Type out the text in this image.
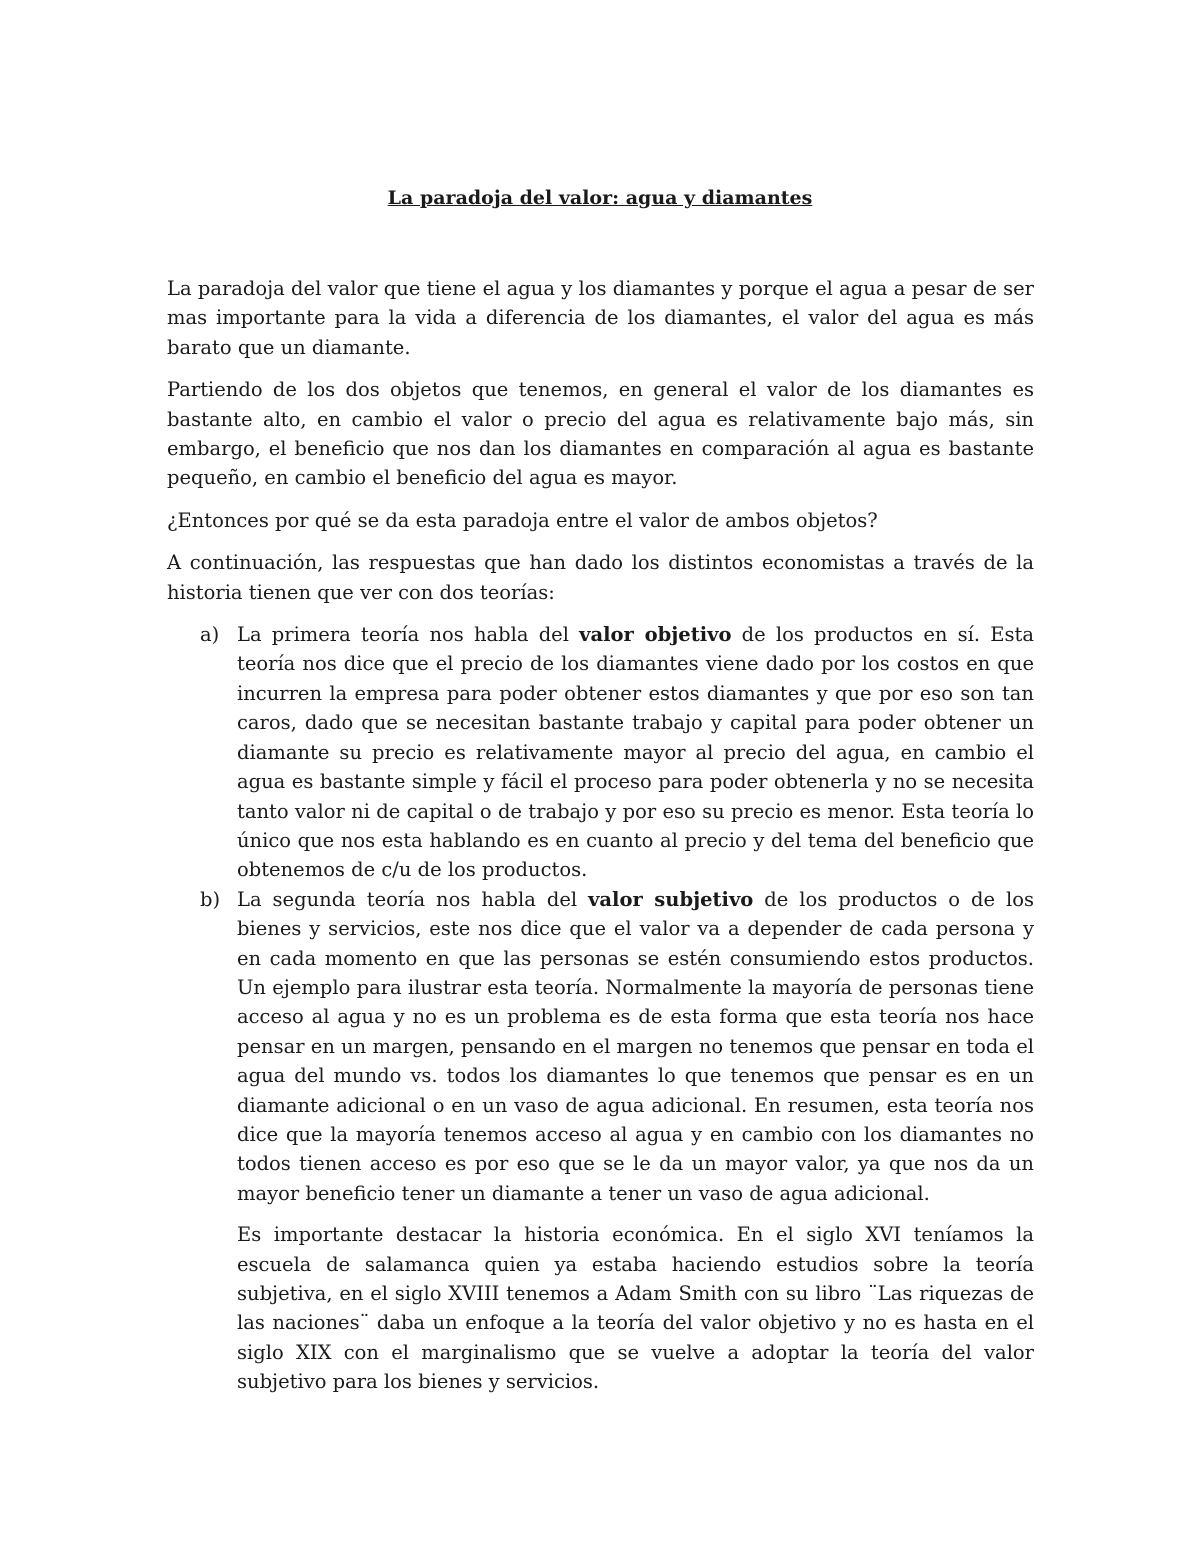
La paradoja del valor: agua y diamantes

La paradoja del valor que tiene el agua y los diamantes y porque el agua a pesar de ser mas importante para la vida a diferencia de los diamantes, el valor del agua es más barato que un diamante.

Partiendo de los dos objetos que tenemos, en general el valor de los diamantes es bastante alto, en cambio el valor o precio del agua es relativamente bajo más, sin embargo, el beneficio que nos dan los diamantes en comparación al agua es bastante pequeño, en cambio el beneficio del agua es mayor.

¿Entonces por qué se da esta paradoja entre el valor de ambos objetos?

A continuación, las respuestas que han dado los distintos economistas a través de la historia tienen que ver con dos teorías:

a) La primera teoría nos habla del valor objetivo de los productos en sí. Esta teoría nos dice que el precio de los diamantes viene dado por los costos en que incurren la empresa para poder obtener estos diamantes y que por eso son tan caros, dado que se necesitan bastante trabajo y capital para poder obtener un diamante su precio es relativamente mayor al precio del agua, en cambio el agua es bastante simple y fácil el proceso para poder obtenerla y no se necesita tanto valor ni de capital o de trabajo y por eso su precio es menor. Esta teoría lo único que nos esta hablando es en cuanto al precio y del tema del beneficio que obtenemos de c/u de los productos.
b) La segunda teoría nos habla del valor subjetivo de los productos o de los bienes y servicios, este nos dice que el valor va a depender de cada persona y en cada momento en que las personas se estén consumiendo estos productos. Un ejemplo para ilustrar esta teoría. Normalmente la mayoría de personas tiene acceso al agua y no es un problema es de esta forma que esta teoría nos hace pensar en un margen, pensando en el margen no tenemos que pensar en toda el agua del mundo vs. todos los diamantes lo que tenemos que pensar es en un diamante adicional o en un vaso de agua adicional. En resumen, esta teoría nos dice que la mayoría tenemos acceso al agua y en cambio con los diamantes no todos tienen acceso es por eso que se le da un mayor valor, ya que nos da un mayor beneficio tener un diamante a tener un vaso de agua adicional.

Es importante destacar la historia económica. En el siglo XVI teníamos la escuela de salamanca quien ya estaba haciendo estudios sobre la teoría subjetiva, en el siglo XVIII tenemos a Adam Smith con su libro ¨Las riquezas de las naciones¨ daba un enfoque a la teoría del valor objetivo y no es hasta en el siglo XIX con el marginalismo que se vuelve a adoptar la teoría del valor subjetivo para los bienes y servicios.
